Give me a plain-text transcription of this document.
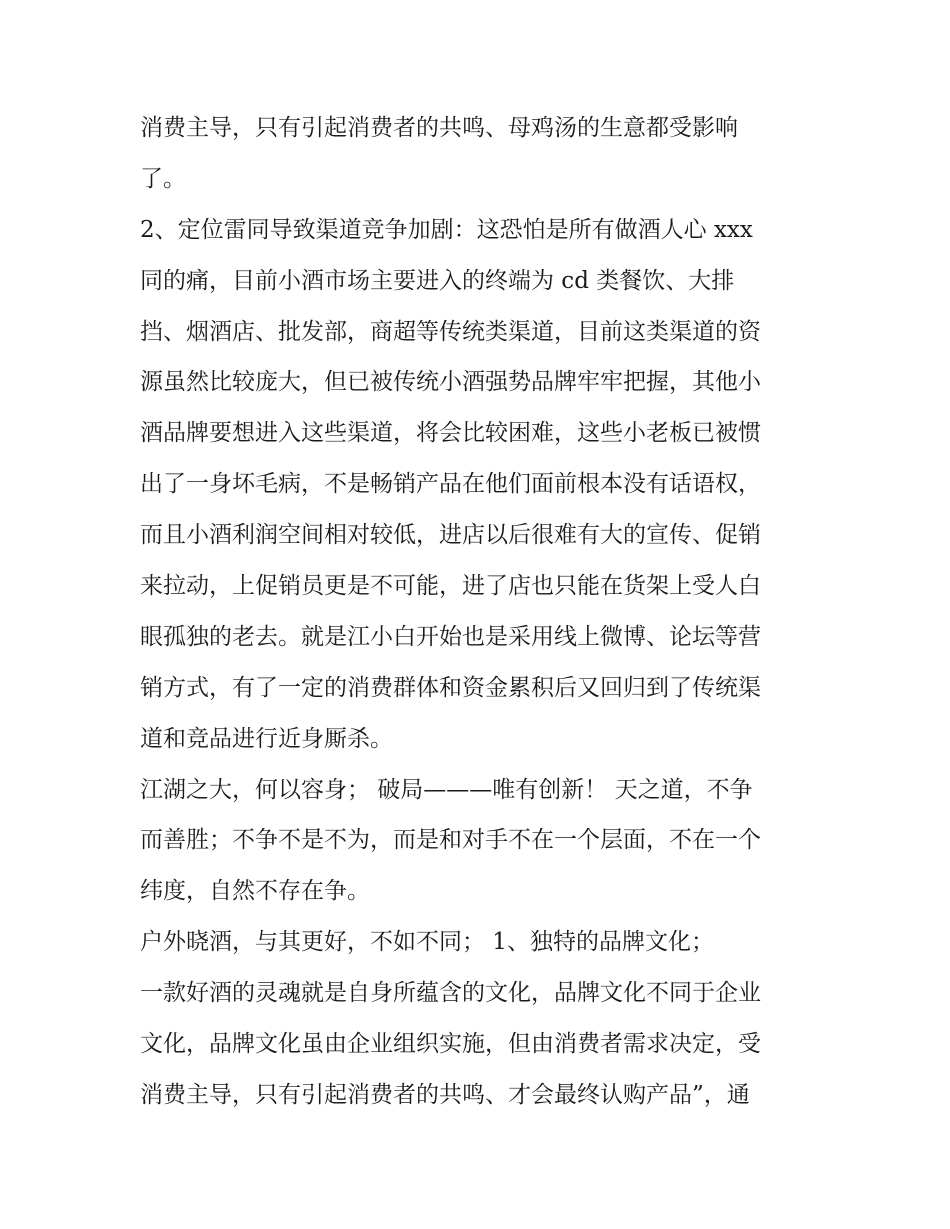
消费主导，只有引起消费者的共鸣、母鸡汤的生意都受影响
了。
2、定位雷同导致渠道竞争加剧：这恐怕是所有做酒人心 xxx
同的痛，目前小酒市场主要进入的终端为 cd 类餐饮、大排
挡、烟酒店、批发部，商超等传统类渠道，目前这类渠道的资
源虽然比较庞大，但已被传统小酒强势品牌牢牢把握，其他小
酒品牌要想进入这些渠道，将会比较困难，这些小老板已被惯
出了一身坏毛病，不是畅销产品在他们面前根本没有话语权，
而且小酒利润空间相对较低，进店以后很难有大的宣传、促销
来拉动，上促销员更是不可能，进了店也只能在货架上受人白
眼孤独的老去。就是江小白开始也是采用线上微博、论坛等营
销方式，有了一定的消费群体和资金累积后又回归到了传统渠
道和竞品进行近身厮杀。
江湖之大，何以容身； 破局———唯有创新！ 天之道，不争
而善胜；不争不是不为，而是和对手不在一个层面，不在一个
纬度，自然不存在争。
户外晓酒，与其更好，不如不同； 1、独特的品牌文化；
一款好酒的灵魂就是自身所蕴含的文化，品牌文化不同于企业
文化，品牌文化虽由企业组织实施，但由消费者需求决定，受
消费主导，只有引起消费者的共鸣、才会最终认购产品”，通
